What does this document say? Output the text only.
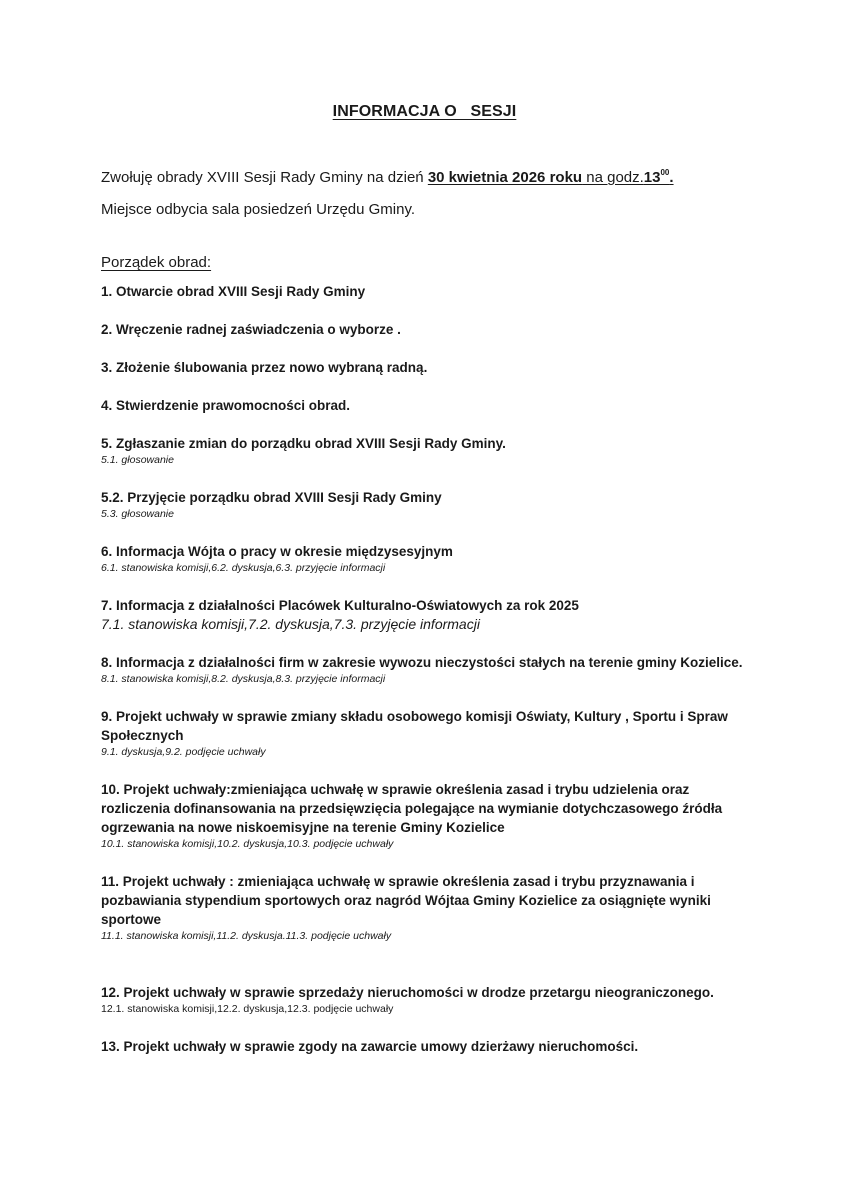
INFORMACJA O   SESJI

Zwołuję obrady XVIII Sesji Rady Gminy na dzień 30 kwietnia 2026 roku na $godz.13^{00}$.

Miejsce odbycia sala posiedzeń Urzędu Gminy.

Porządek obrad:

1. Otwarcie obrad XVIII Sesji Rady Gminy

2. Wręczenie radnej zaświadczenia o wyborze .

3. Złożenie ślubowania przez nowo wybraną radną.

4. Stwierdzenie prawomocności obrad.

5. Zgłaszanie zmian do porządku obrad XVIII Sesji Rady Gminy.

5.1. głosowanie

5.2. Przyjęcie porządku obrad XVIII Sesji Rady Gminy

5.3. głosowanie

6. Informacja Wójta o pracy w okresie międzysesyjnym

6.1. stanowiska komisji,6.2. dyskusja,6.3. przyjęcie informacji

7. Informacja z działalności Placówek Kulturalno-Oświatowych za rok 2025

7.1. stanowiska komisji,7.2. dyskusja,7.3. przyjęcie informacji

8. Informacja z działalności firm w zakresie wywozu nieczystości stałych na terenie gminy Kozielice.

8.1. stanowiska komisji,8.2. dyskusja,8.3. przyjęcie informacji

9. Projekt uchwały w sprawie zmiany składu osobowego komisji Oświaty, Kultury , Sportu i Spraw Społecznych

9.1. dyskusja,9.2. podjęcie uchwały

10. Projekt uchwały:zmieniająca uchwałę w sprawie określenia zasad i trybu udzielenia oraz rozliczenia dofinansowania na przedsięwzięcia polegające na wymianie dotychczasowego źródła ogrzewania na nowe niskoemisyjne na terenie Gminy Kozielice

10.1. stanowiska komisji,10.2. dyskusja,10.3. podjęcie uchwały

11. Projekt uchwały : zmieniająca uchwałę w sprawie określenia zasad i trybu przyznawania i pozbawiania stypendium sportowych oraz nagród Wójtaa Gminy Kozielice za osiągnięte wyniki sportowe

11.1. stanowiska komisji,11.2. dyskusja.11.3. podjęcie uchwały

12. Projekt uchwały w sprawie sprzedaży nieruchomości w drodze przetargu nieograniczonego.

12.1. stanowiska komisji,12.2. dyskusja,12.3. podjęcie uchwały

13. Projekt uchwały w sprawie zgody na zawarcie umowy dzierżawy nieruchomości.
